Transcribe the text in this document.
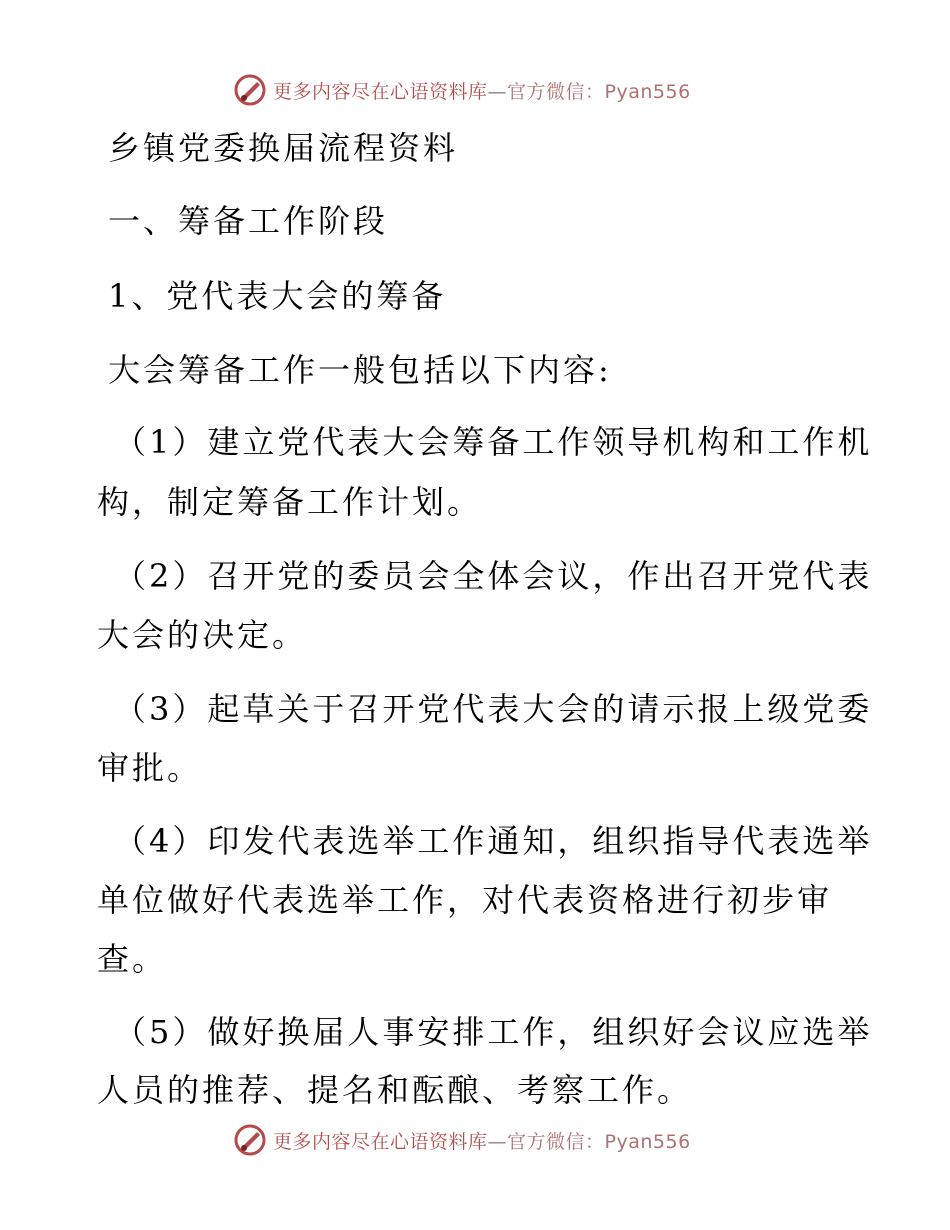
更多内容尽在心语资料库—官方微信：Pyan556
乡镇党委换届流程资料
一、筹备工作阶段
1、党代表大会的筹备
大会筹备工作一般包括以下内容:
（1）建立党代表大会筹备工作领导机构和工作机
构，制定筹备工作计划。
（2）召开党的委员会全体会议，作出召开党代表
大会的决定。
（3）起草关于召开党代表大会的请示报上级党委
审批。
（4）印发代表选举工作通知，组织指导代表选举
单位做好代表选举工作，对代表资格进行初步审
查。
（5）做好换届人事安排工作，组织好会议应选举
人员的推荐、提名和酝酿、考察工作。
更多内容尽在心语资料库—官方微信：Pyan556
